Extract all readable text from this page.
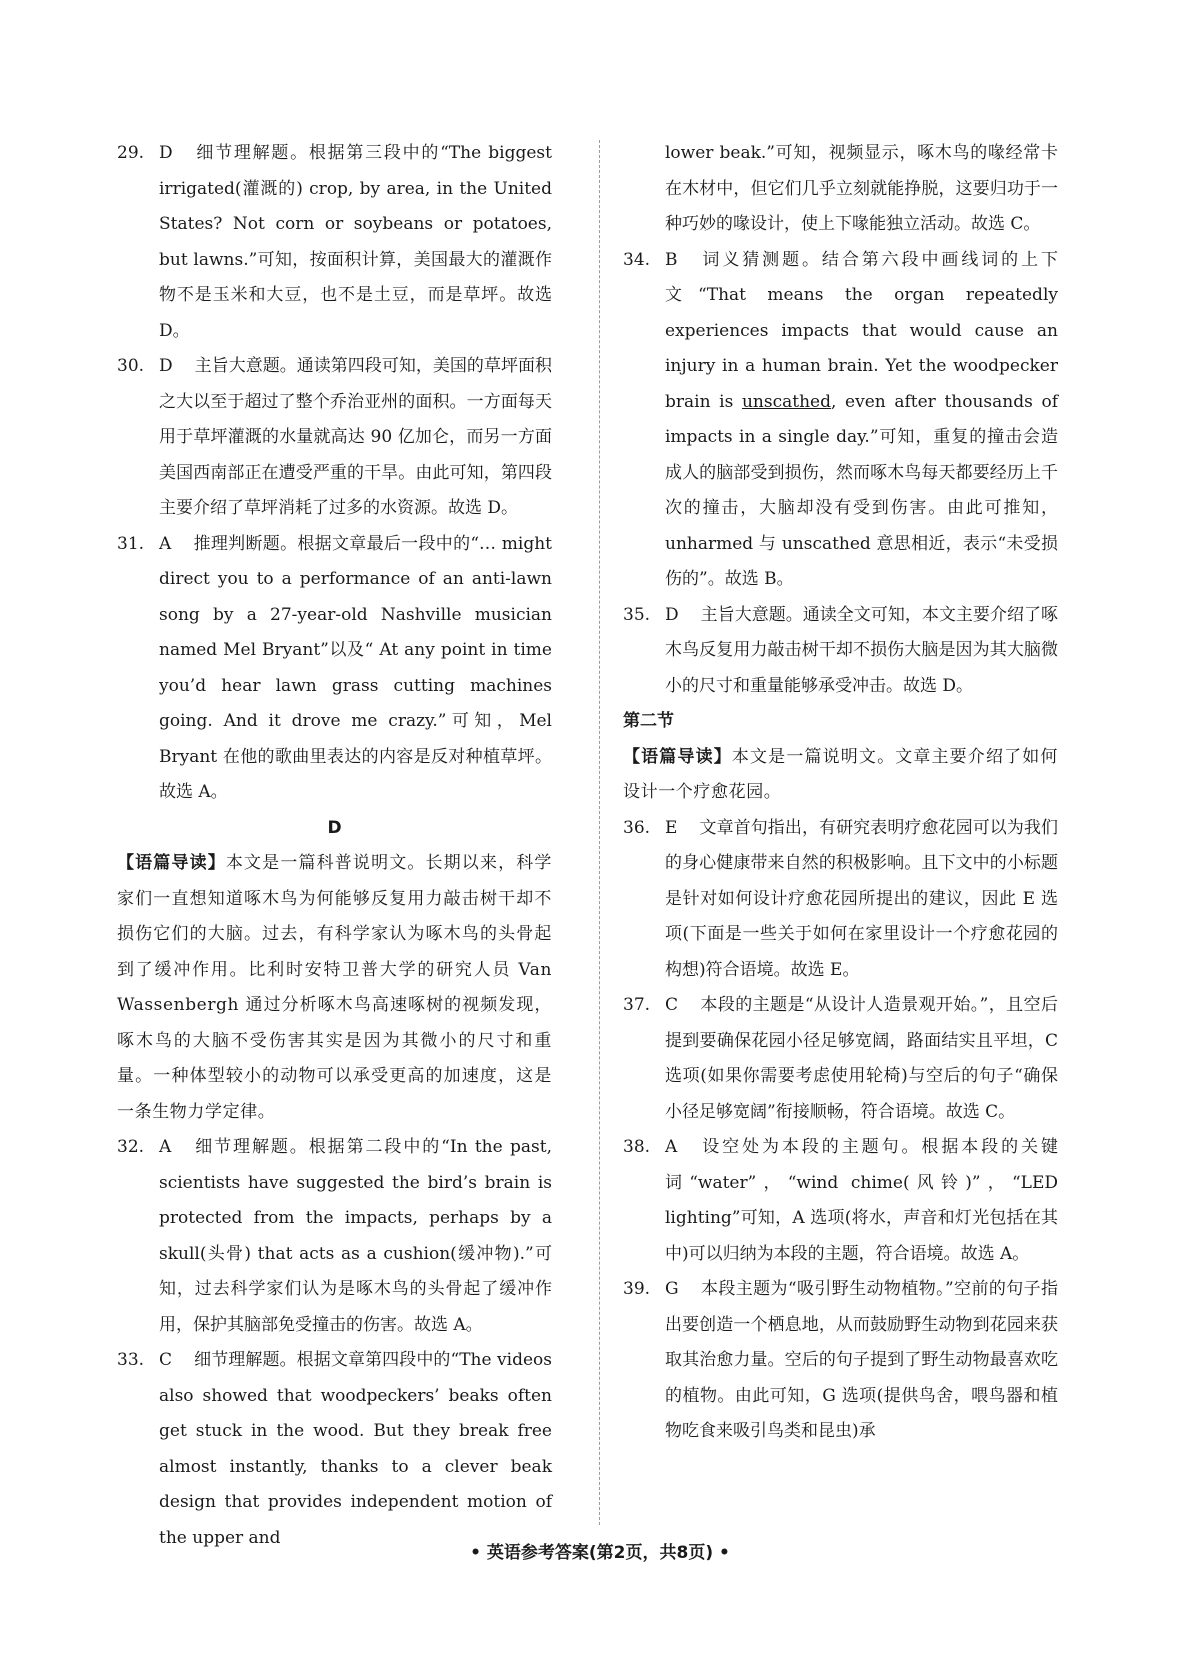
29. D 细节理解题。根据第三段中的“The biggest irrigated(灌溉的) crop, by area, in the United States? Not corn or soybeans or potatoes, but lawns.”可知，按面积计算，美国最大的灌溉作物不是玉米和大豆，也不是土豆，而是草坪。故选 D。
30. D 主旨大意题。通读第四段可知，美国的草坪面积之大以至于超过了整个乔治亚州的面积。一方面每天用于草坪灌溉的水量就高达 90 亿加仑，而另一方面美国西南部正在遭受严重的干旱。由此可知，第四段主要介绍了草坪消耗了过多的水资源。故选 D。
31. A 推理判断题。根据文章最后一段中的“… might direct you to a performance of an anti-lawn song by a 27-year-old Nashville musician named Mel Bryant”以及“ At any point in time you’d hear lawn grass cutting machines going. And it drove me crazy.”可知，Mel Bryant 在他的歌曲里表达的内容是反对种植草坪。故选 A。
D
【语篇导读】本文是一篇科普说明文。长期以来，科学家们一直想知道啄木鸟为何能够反复用力敲击树干却不损伤它们的大脑。过去，有科学家认为啄木鸟的头骨起到了缓冲作用。比利时安特卫普大学的研究人员 Van Wassenbergh 通过分析啄木鸟高速啄树的视频发现，啄木鸟的大脑不受伤害其实是因为其微小的尺寸和重量。一种体型较小的动物可以承受更高的加速度，这是一条生物力学定律。
32. A 细节理解题。根据第二段中的“In the past, scientists have suggested the bird’s brain is protected from the impacts, perhaps by a skull(头骨) that acts as a cushion(缓冲物).”可知，过去科学家们认为是啄木鸟的头骨起了缓冲作用，保护其脑部免受撞击的伤害。故选 A。
33. C 细节理解题。根据文章第四段中的“The videos also showed that woodpeckers’ beaks often get stuck in the wood. But they break free almost instantly, thanks to a clever beak design that provides independent motion of the upper and
lower beak.”可知，视频显示，啄木鸟的喙经常卡在木材中，但它们几乎立刻就能挣脱，这要归功于一种巧妙的喙设计，使上下喙能独立活动。故选 C。
34. B 词义猜测题。结合第六段中画线词的上下文“That means the organ repeatedly experiences impacts that would cause an injury in a human brain. Yet the woodpecker brain is unscathed, even after thousands of impacts in a single day.”可知，重复的撞击会造成人的脑部受到损伤，然而啄木鸟每天都要经历上千次的撞击，大脑却没有受到伤害。由此可推知，unharmed 与 unscathed 意思相近，表示“未受损伤的”。故选 B。
35. D 主旨大意题。通读全文可知，本文主要介绍了啄木鸟反复用力敲击树干却不损伤大脑是因为其大脑微小的尺寸和重量能够承受冲击。故选 D。
第二节
【语篇导读】本文是一篇说明文。文章主要介绍了如何设计一个疗愈花园。
36. E 文章首句指出，有研究表明疗愈花园可以为我们的身心健康带来自然的积极影响。且下文中的小标题是针对如何设计疗愈花园所提出的建议，因此 E 选项(下面是一些关于如何在家里设计一个疗愈花园的构想)符合语境。故选 E。
37. C 本段的主题是“从设计人造景观开始。”，且空后提到要确保花园小径足够宽阔，路面结实且平坦，C 选项(如果你需要考虑使用轮椅)与空后的句子“确保小径足够宽阔”衔接顺畅，符合语境。故选 C。
38. A 设空处为本段的主题句。根据本段的关键词“water”，“wind chime(风铃)”，“LED lighting”可知，A 选项(将水，声音和灯光包括在其中)可以归纳为本段的主题，符合语境。故选 A。
39. G 本段主题为“吸引野生动物植物。”空前的句子指出要创造一个栖息地，从而鼓励野生动物到花园来获取其治愈力量。空后的句子提到了野生动物最喜欢吃的植物。由此可知，G 选项(提供鸟舍，喂鸟器和植物吃食来吸引鸟类和昆虫)承
• 英语参考答案(第2页，共8页) •
